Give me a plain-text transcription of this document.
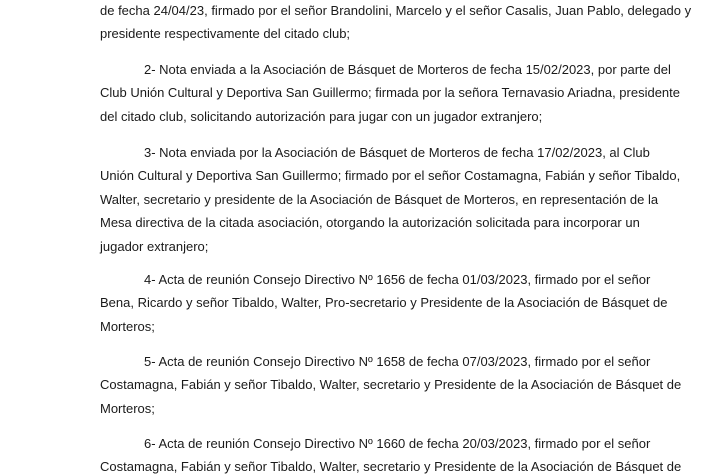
de fecha 24/04/23, firmado por el señor Brandolini, Marcelo y el señor Casalis, Juan Pablo, delegado y
presidente respectivamente del citado club;

2- Nota enviada a la Asociación de Básquet de Morteros de fecha 15/02/2023, por parte del
Club Unión Cultural y Deportiva San Guillermo; firmada por la señora Ternavasio Ariadna, presidente
del citado club, solicitando autorización para jugar con un jugador extranjero;

3- Nota enviada por la Asociación de Básquet de Morteros de fecha 17/02/2023, al Club
Unión Cultural y Deportiva San Guillermo; firmado por el señor Costamagna, Fabián y señor Tibaldo,
Walter, secretario y presidente de la Asociación de Básquet de Morteros, en representación de la
Mesa directiva de la citada asociación, otorgando la autorización solicitada para incorporar un
jugador extranjero;

4- Acta de reunión Consejo Directivo Nº 1656 de fecha 01/03/2023, firmado por el señor
Bena, Ricardo y señor Tibaldo, Walter, Pro-secretario y Presidente de la Asociación de Básquet de
Morteros;

5- Acta de reunión Consejo Directivo Nº 1658 de fecha 07/03/2023, firmado por el señor
Costamagna, Fabián y señor Tibaldo, Walter, secretario y Presidente de la Asociación de Básquet de
Morteros;

6- Acta de reunión Consejo Directivo Nº 1660 de fecha 20/03/2023, firmado por el señor
Costamagna, Fabián y señor Tibaldo, Walter, secretario y Presidente de la Asociación de Básquet de
